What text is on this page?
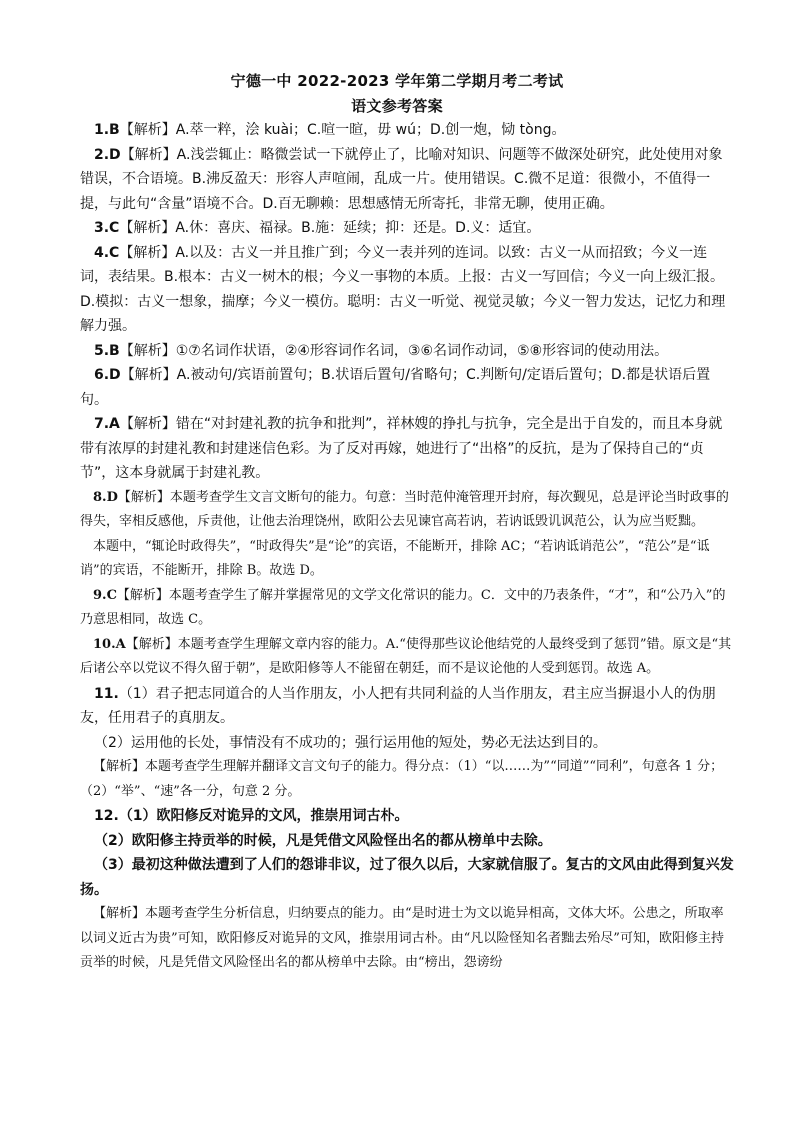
宁德一中 2022-2023 学年第二学期月考二考试
语文参考答案

1.B【解析】A.萃一粹，浍 kuài；C.喧一暄，毋 wú；D.创一炮，恸 tòng。

2.D【解析】A.浅尝辄止：略微尝试一下就停止了，比喻对知识、问题等不做深处研究，此处使用对象错误，不合语境。B.沸反盈天：形容人声喧闹，乱成一片。使用错误。C.微不足道：很微小，不值得一提，与此句“含量”语境不合。D.百无聊赖：思想感情无所寄托，非常无聊，使用正确。

3.C【解析】A.休：喜庆、福禄。B.施：延续；抑：还是。D.义：适宜。

4.C【解析】A.以及：古义一并且推广到；今义一表并列的连词。以致：古义一从而招致；今义一连词，表结果。B.根本：古义一树木的根；今义一事物的本质。上报：古义一写回信；今义一向上级汇报。D.模拟：古义一想象，揣摩；今义一模仿。聪明：古义一听觉、视觉灵敏；今义一智力发达，记忆力和理解力强。

5.B【解析】①⑦名词作状语，②④形容词作名词，③⑥名词作动词，⑤⑧形容词的使动用法。

6.D【解析】A.被动句/宾语前置句；B.状语后置句/省略句；C.判断句/定语后置句；D.都是状语后置句。

7.A【解析】错在“对封建礼教的抗争和批判”，祥林嫂的挣扎与抗争，完全是出于自发的，而且本身就带有浓厚的封建礼教和封建迷信色彩。为了反对再嫁，她进行了“出格”的反抗，是为了保持自己的“贞节”，这本身就属于封建礼教。

8.D【解析】本题考查学生文言文断句的能力。句意：当时范仲淹管理开封府，每次觐见，总是评论当时政事的得失，宰相反感他，斥责他，让他去治理饶州，欧阳公去见谏官高若讷，若讷诋毁讥讽范公，认为应当贬黜。

本题中，“辄论时政得失”，“时政得失”是“论”的宾语，不能断开，排除 AC；“若讷诋诮范公”，“范公”是“诋诮”的宾语，不能断开，排除 B。故选 D。

9.C【解析】本题考查学生了解并掌握常见的文学文化常识的能力。C．文中的乃表条件，“才”，和“公乃入”的乃意思相同，故选 C。

10.A【解析】本题考查学生理解文章内容的能力。A.“使得那些议论他结党的人最终受到了惩罚”错。原文是“其后诸公卒以党议不得久留于朝”，是欧阳修等人不能留在朝廷，而不是议论他的人受到惩罚。故选 A。

11.（1）君子把志同道合的人当作朋友，小人把有共同利益的人当作朋友，君主应当摒退小人的伪朋友，任用君子的真朋友。

（2）运用他的长处，事情没有不成功的；强行运用他的短处，势必无法达到目的。

【解析】本题考查学生理解并翻译文言文句子的能力。得分点：（1）“以……为”“同道”“同利”，句意各 1 分；（2）“举”、“速”各一分，句意 2 分。

12.（1）欧阳修反对诡异的文风，推崇用词古朴。

（2）欧阳修主持贡举的时候，凡是凭借文风险怪出名的都从榜单中去除。

（3）最初这种做法遭到了人们的怨诽非议，过了很久以后，大家就信服了。复古的文风由此得到复兴发扬。

【解析】本题考查学生分析信息，归纳要点的能力。由“是时进士为文以诡异相高，文体大坏。公患之，所取率以词义近古为贵”可知，欧阳修反对诡异的文风，推崇用词古朴。由“凡以险怪知名者黜去殆尽”可知，欧阳修主持贡举的时候，凡是凭借文风险怪出名的都从榜单中去除。由“榜出，怨谤纷
